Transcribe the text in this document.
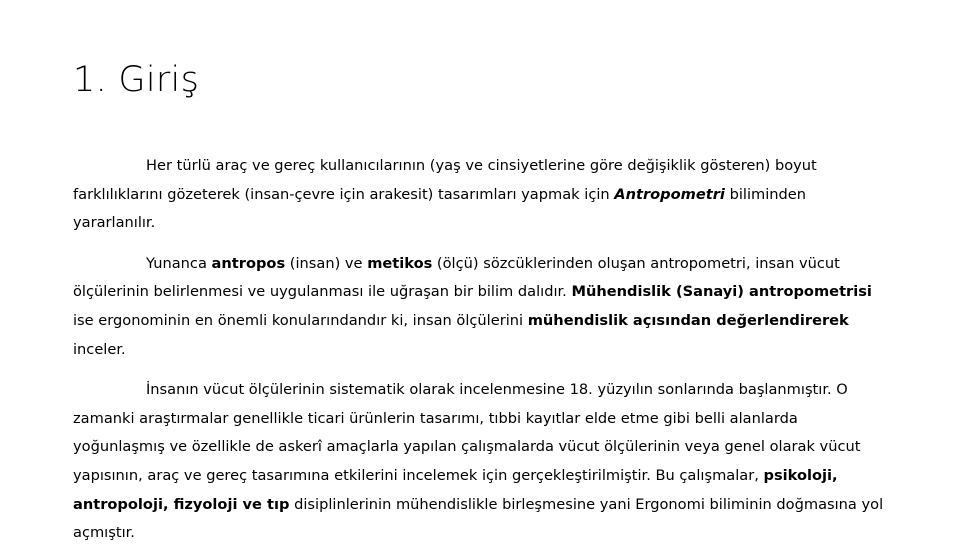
1. Giriş

Her türlü araç ve gereç kullanıcılarının (yaş ve cinsiyetlerine göre değişiklik gösteren) boyut farklılıklarını gözeterek (insan-çevre için arakesit) tasarımları yapmak için Antropometri biliminden yararlanılır.

Yunanca antropos (insan) ve metikos (ölçü) sözcüklerinden oluşan antropometri, insan vücut ölçülerinin belirlenmesi ve uygulanması ile uğraşan bir bilim dalıdır. Mühendislik (Sanayi) antropometrisi ise ergonominin en önemli konularındandır ki, insan ölçülerini mühendislik açısından değerlendirerek inceler.

İnsanın vücut ölçülerinin sistematik olarak incelenmesine 18. yüzyılın sonlarında başlanmıştır. O zamanki araştırmalar genellikle ticari ürünlerin tasarımı, tıbbi kayıtlar elde etme gibi belli alanlarda yoğunlaşmış ve özellikle de askerî amaçlarla yapılan çalışmalarda vücut ölçülerinin veya genel olarak vücut yapısının, araç ve gereç tasarımına etkilerini incelemek için gerçekleştirilmiştir. Bu çalışmalar, psikoloji, antropoloji, fizyoloji ve tıp disiplinlerinin mühendislikle birleşmesine yani Ergonomi biliminin doğmasına yol açmıştır.
